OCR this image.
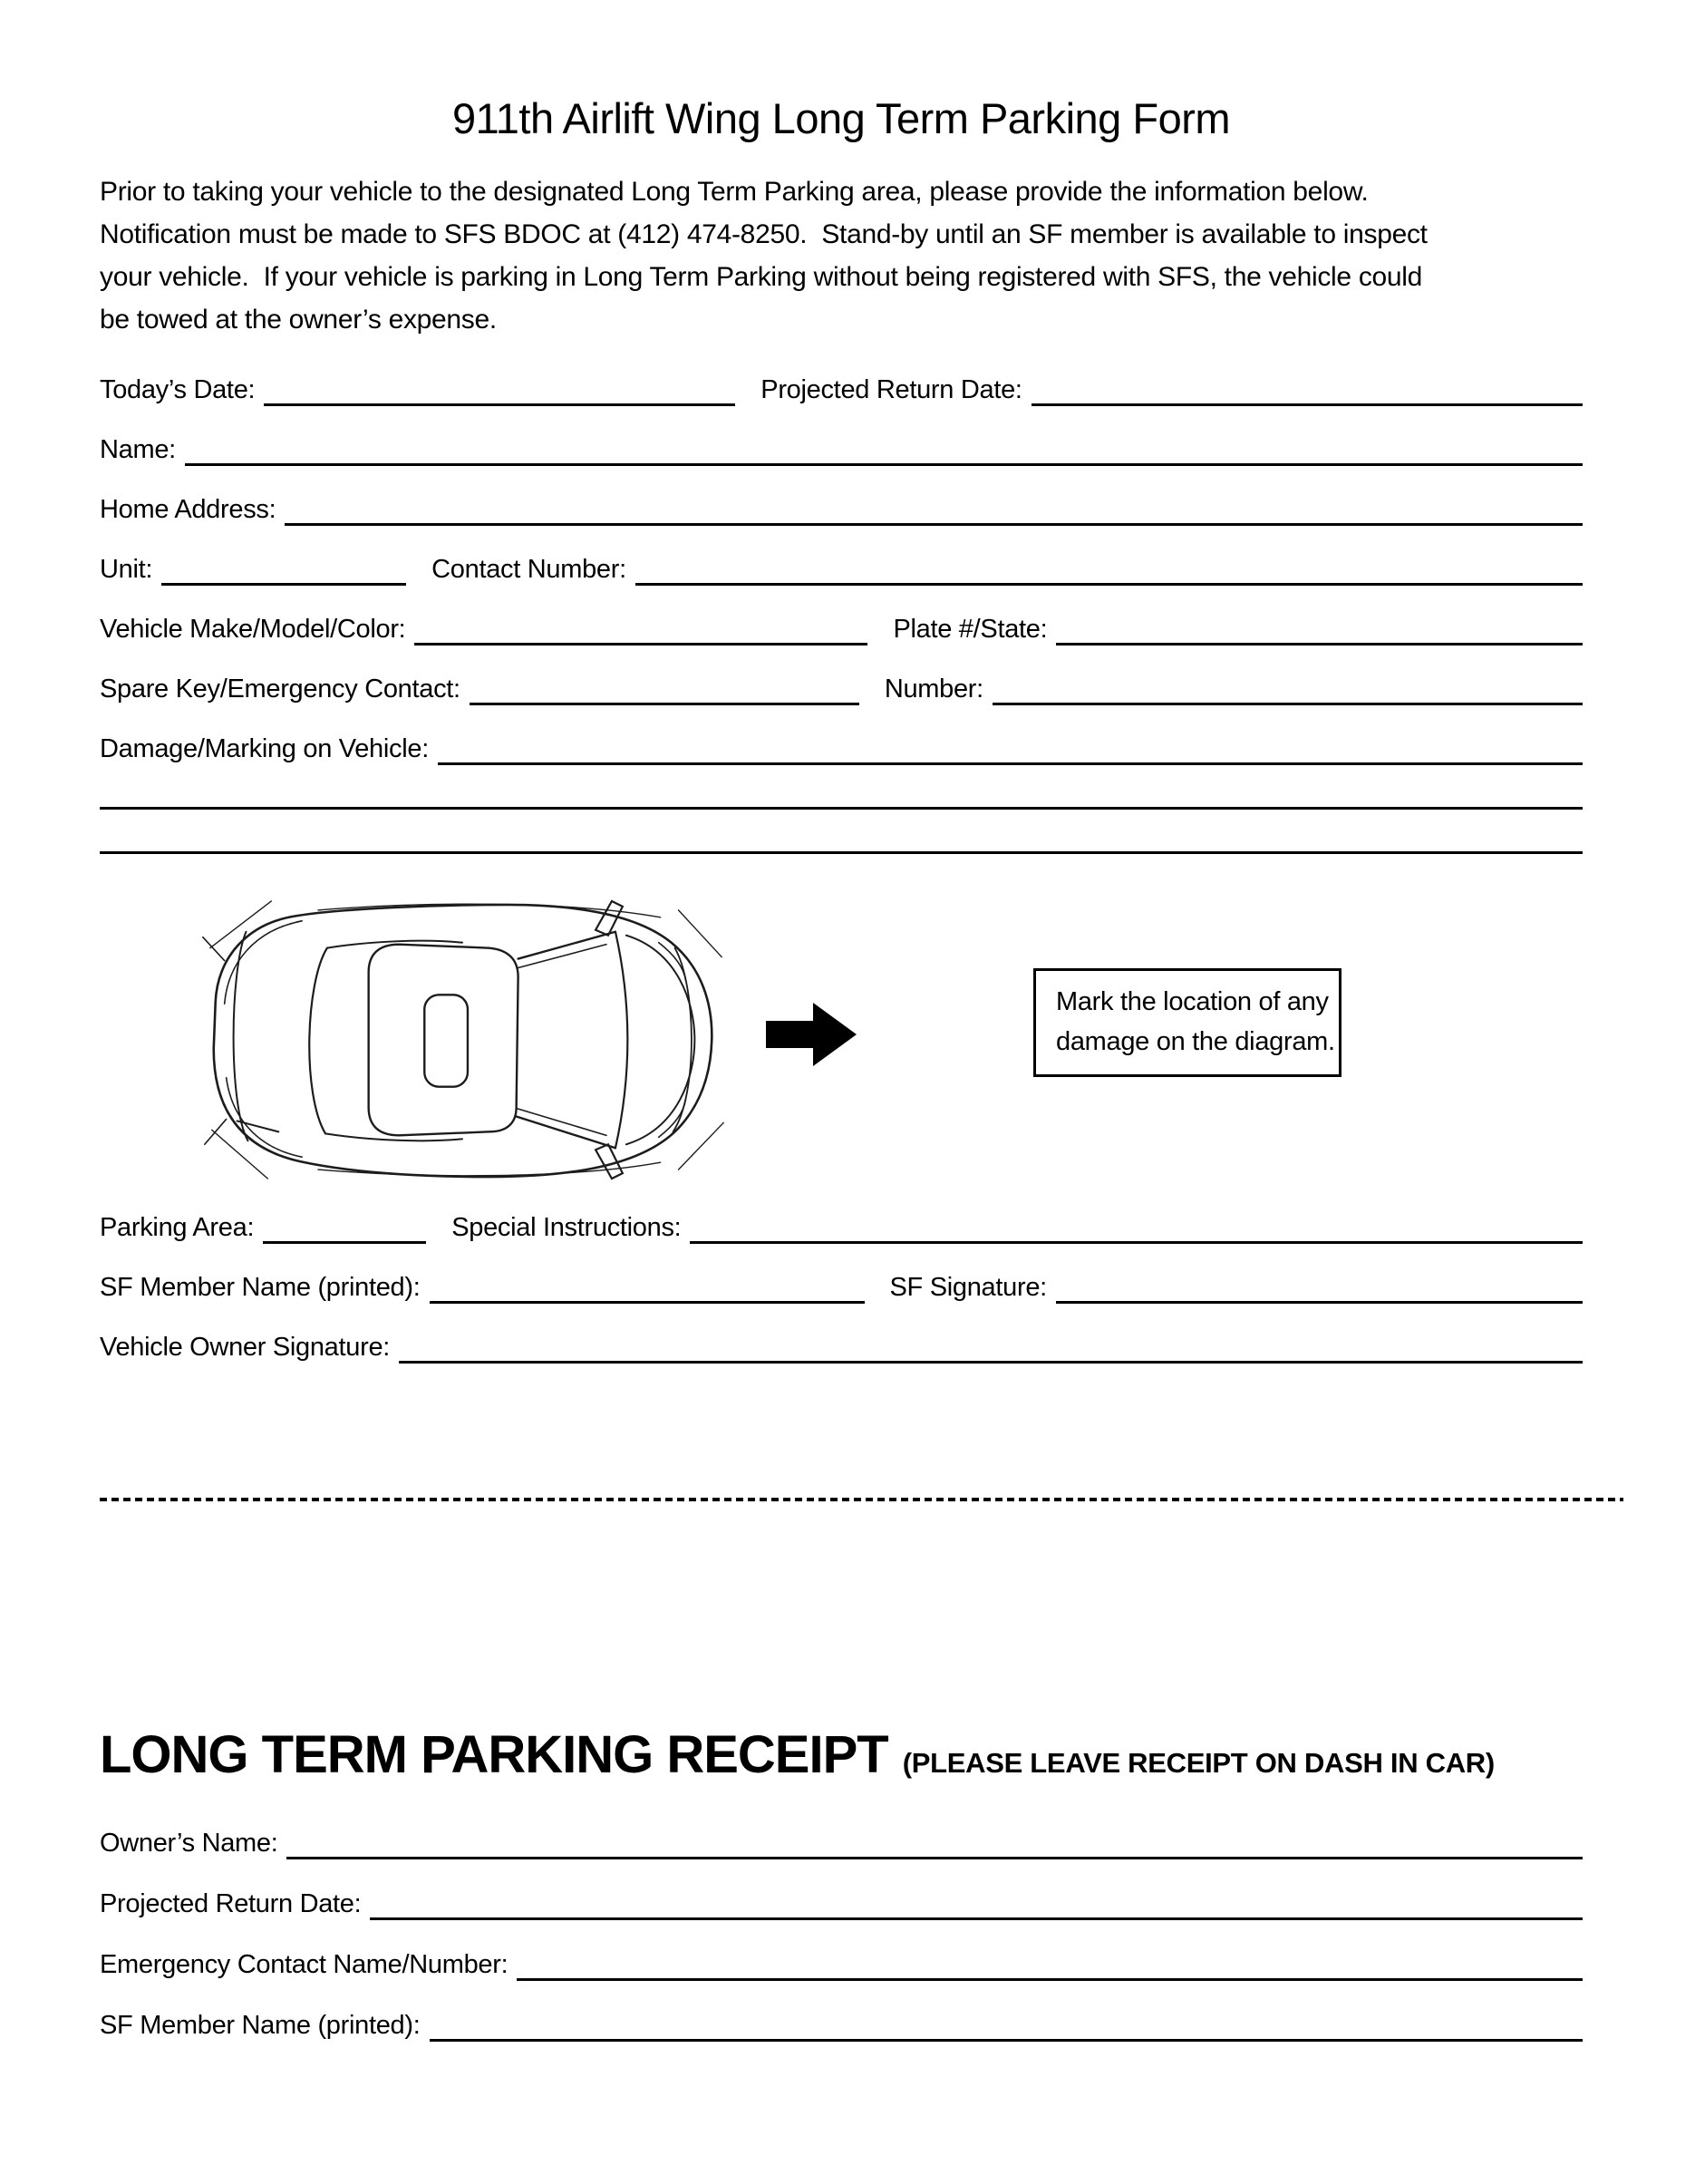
911th Airlift Wing Long Term Parking Form
Prior to taking your vehicle to the designated Long Term Parking area, please provide the information below.
Notification must be made to SFS BDOC at (412) 474-8250.  Stand-by until an SF member is available to inspect
your vehicle.  If your vehicle is parking in Long Term Parking without being registered with SFS, the vehicle could
be towed at the owner’s expense.
Today’s Date:	Projected Return Date:
Name:
Home Address:
Unit:	Contact Number:
Vehicle Make/Model/Color:	Plate #/State:
Spare Key/Emergency Contact:	Number:
Damage/Marking on Vehicle:
Mark the location of any
damage on the diagram.
Parking Area:	Special Instructions:
SF Member Name (printed):	SF Signature:
Vehicle Owner Signature:
LONG TERM PARKING RECEIPT (PLEASE LEAVE RECEIPT ON DASH IN CAR)
Owner’s Name:
Projected Return Date:
Emergency Contact Name/Number:
SF Member Name (printed):
